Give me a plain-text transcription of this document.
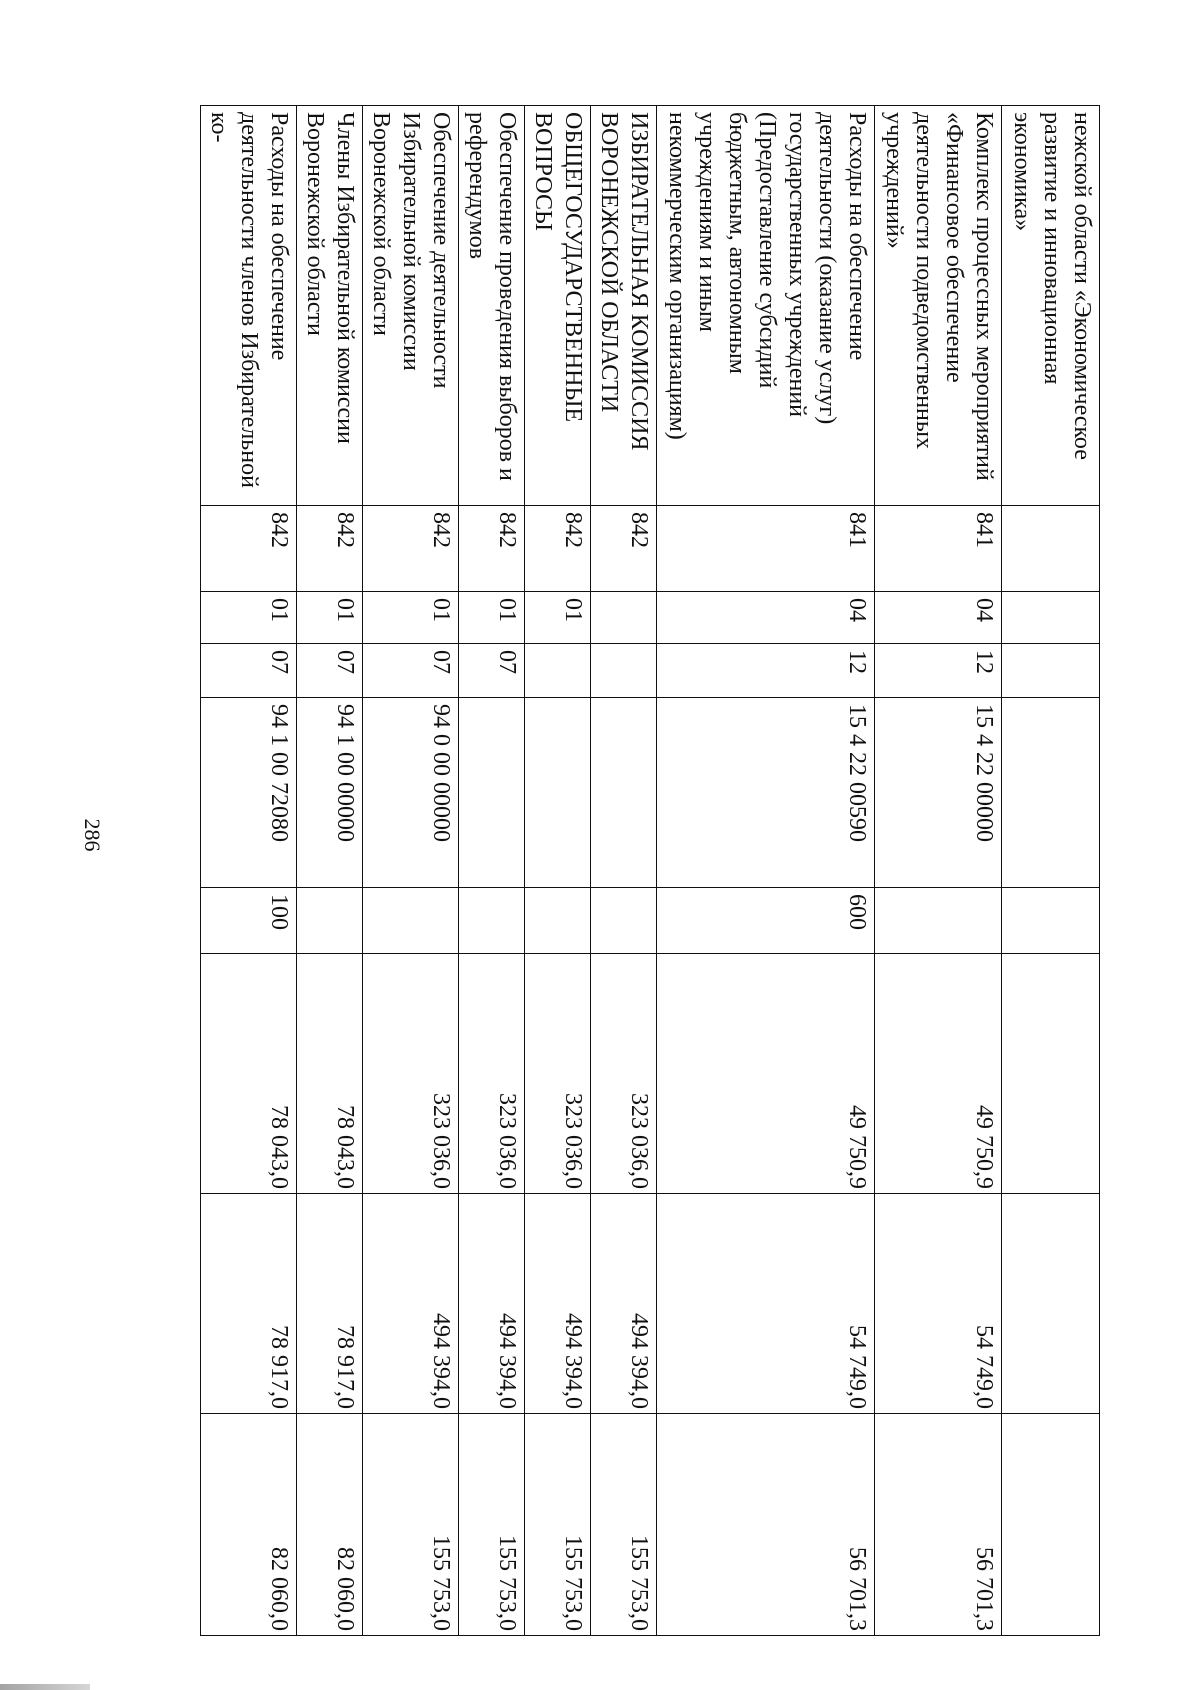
286
нежской области «Экономическое развитие и инновационная экономика»								
Комплекс процессных мероприятий «Финансовое обеспечение деятельности подведомственных учреждений»	841	04	12	15 4 22 00000		49 750,9	54 749,0	56 701,3
Расходы на обеспечение деятельности (оказание услуг) государственных учреждений (Предоставление субсидий бюджетным, автономным учреждениям и иным некоммерческим организациям)	841	04	12	15 4 22 00590	600	49 750,9	54 749,0	56 701,3
ИЗБИРАТЕЛЬНАЯ КОМИССИЯ ВОРОНЕЖСКОЙ ОБЛАСТИ	842					323 036,0	494 394,0	155 753,0
ОБЩЕГОСУДАРСТВЕННЫЕ ВОПРОСЫ	842	01				323 036,0	494 394,0	155 753,0
Обеспечение проведения выборов и референдумов	842	01	07			323 036,0	494 394,0	155 753,0
Обеспечение деятельности Избирательной комиссии Воронежской области	842	01	07	94 0 00 00000		323 036,0	494 394,0	155 753,0
Члены Избирательной комиссии Воронежской области	842	01	07	94 1 00 00000		78 043,0	78 917,0	82 060,0
Расходы на обеспечение деятельности членов Избирательной ко-	842	01	07	94 1 00 72080	100	78 043,0	78 917,0	82 060,0
